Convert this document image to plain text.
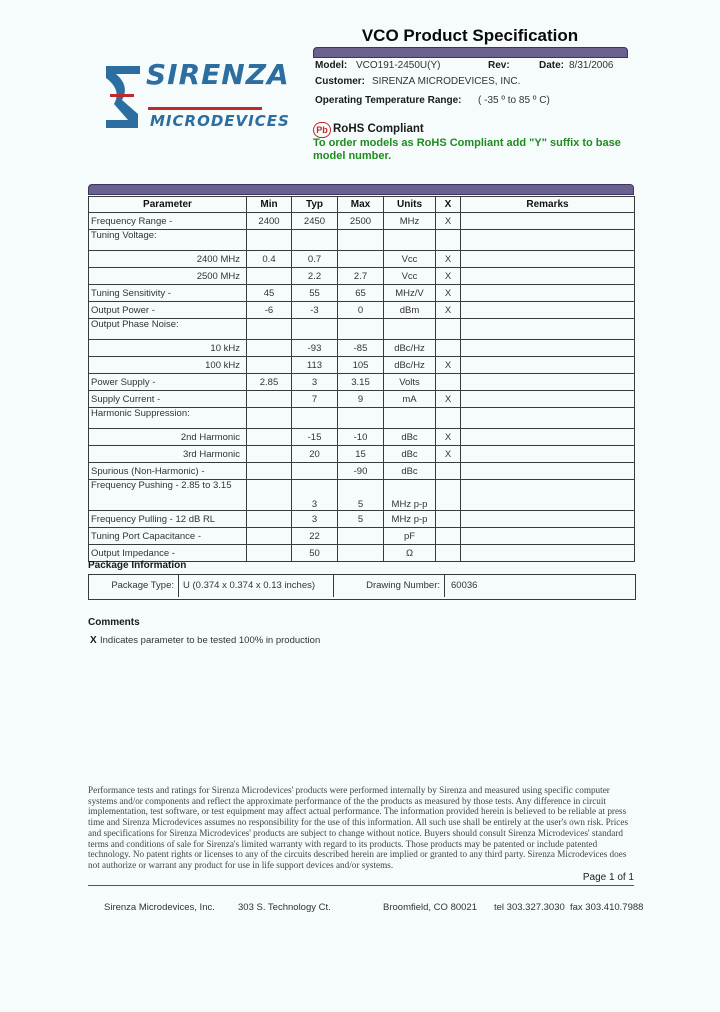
VCO Product Specification
SIRENZA
MICRODEVICES
Model: VCO191-2450U(Y)	Rev:	Date: 8/31/2006
Customer: SIRENZA MICRODEVICES, INC.
Operating Temperature Range: ( -35 º to 85 º C)
Pb RoHS Compliant
To order models as RoHS Compliant add "Y" suffix to base model number.
Parameter	Min	Typ	Max	Units	X	Remarks
Frequency Range -	2400	2450	2500	MHz	X	
Tuning Voltage:						
2400 MHz	0.4	0.7		Vcc	X	
2500 MHz		2.2	2.7	Vcc	X	
Tuning Sensitivity -	45	55	65	MHz/V	X	
Output Power -	-6	-3	0	dBm	X	
Output Phase Noise:						
10 kHz		-93	-85	dBc/Hz		
100 kHz		113	105	dBc/Hz	X	
Power Supply -	2.85	3	3.15	Volts		
Supply Current -		7	9	mA	X	
Harmonic Suppression:						
2nd Harmonic		-15	-10	dBc	X	
3rd Harmonic		20	15	dBc	X	
Spurious (Non-Harmonic) -			-90	dBc		
Frequency Pushing - 2.85 to 3.15		3	5	MHz p-p		
Frequency Pulling - 12 dB RL		3	5	MHz p-p		
Tuning Port Capacitance -		22		pF		
Output Impedance -		50		Ω		
Package Information
Package Type: U (0.374 x 0.374 x 0.13 inches)	Drawing Number:	60036
Comments
X Indicates parameter to be tested 100% in production
Performance tests and ratings for Sirenza Microdevices' products were performed internally by Sirenza and measured using specific computer systems and/or components and reflect the approximate performance of the the products as measured by those tests. Any difference in circuit implementation, test software, or test equipment may affect actual performance. The information provided herein is believed to be reliable at press time and Sirenza Microdevices assumes no responsibility for the use of this information. All such use shall be entirely at the user's own risk. Prices and specifications for Sirenza Microdevices' products are subject to change without notice. Buyers should consult Sirenza Microdevices' standard terms and conditions of sale for Sirenza's limited warranty with regard to its products. Those products may be patented or include patented technology. No patent rights or licenses to any of the circuits described herein are implied or granted to any third party. Sirenza Microdevices does not authorize or warrant any product for use in life support devices and/or systems.
Page 1 of 1
Sirenza Microdevices, Inc. 303 S. Technology Ct.	Broomfield, CO 80021 tel 303.327.3030 fax 303.410.7988
